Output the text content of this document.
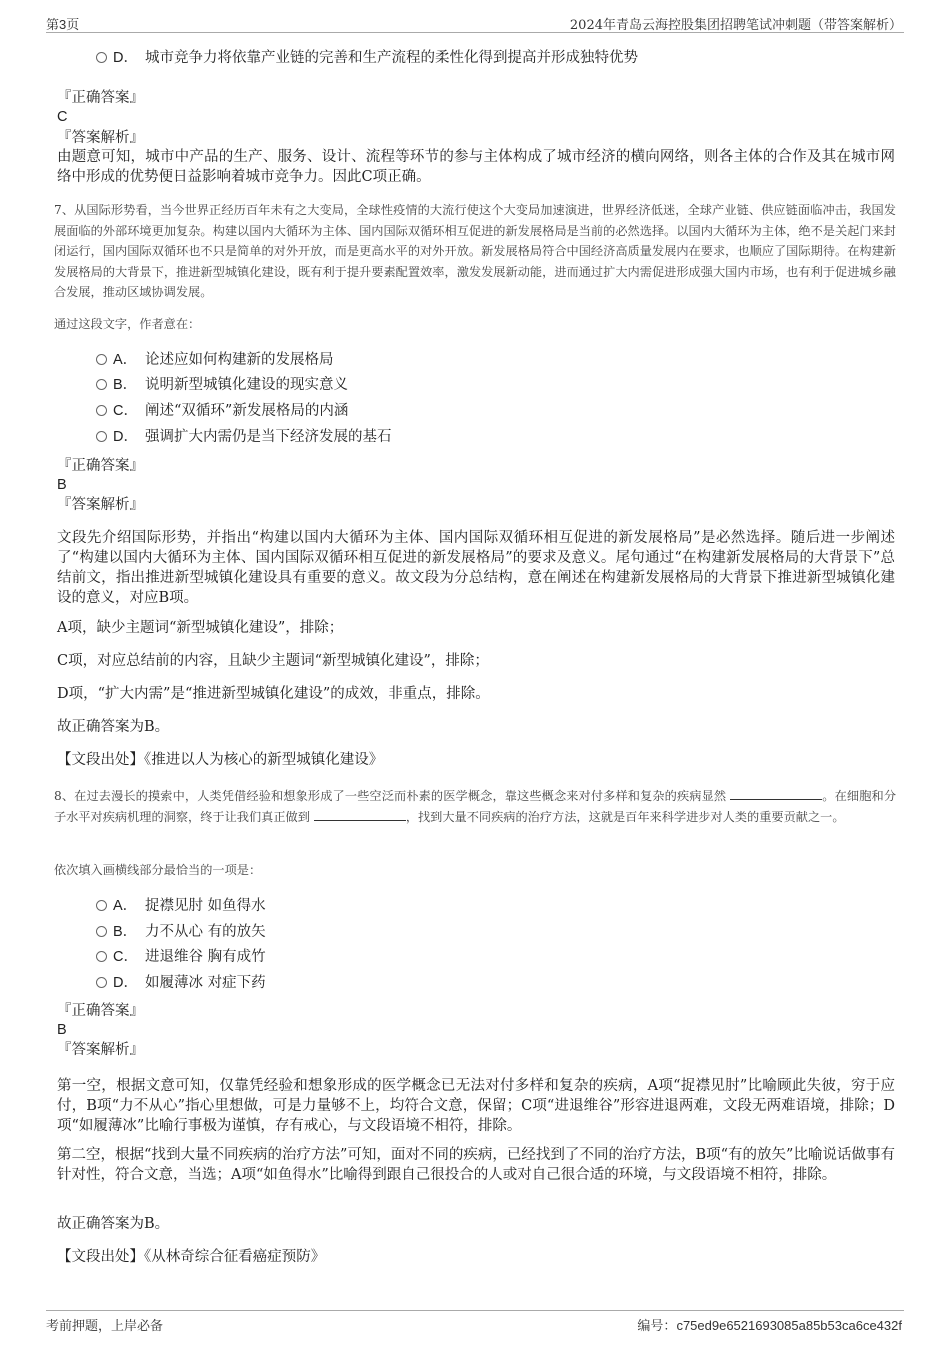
第3页	2024年青岛云海控股集团招聘笔试冲刺题（带答案解析）
D． 城市竞争力将依靠产业链的完善和生产流程的柔性化得到提高并形成独特优势
『正确答案』
C
『答案解析』
由题意可知，城市中产品的生产、服务、设计、流程等环节的参与主体构成了城市经济的横向网络，则各主体的合作及其在城市网络中形成的优势便日益影响着城市竞争力。因此C项正确。
7、从国际形势看，当今世界正经历百年未有之大变局，全球性疫情的大流行使这个大变局加速演进，世界经济低迷，全球产业链、供应链面临冲击，我国发展面临的外部环境更加复杂。构建以国内大循环为主体、国内国际双循环相互促进的新发展格局是当前的必然选择。以国内大循环为主体，绝不是关起门来封闭运行，国内国际双循环也不只是简单的对外开放，而是更高水平的对外开放。新发展格局符合中国经济高质量发展内在要求，也顺应了国际期待。在构建新发展格局的大背景下，推进新型城镇化建设，既有利于提升要素配置效率，激发发展新动能，进而通过扩大内需促进形成强大国内市场，也有利于促进城乡融合发展，推动区域协调发展。
通过这段文字，作者意在：
A． 论述应如何构建新的发展格局
B． 说明新型城镇化建设的现实意义
C． 阐述“双循环”新发展格局的内涵
D． 强调扩大内需仍是当下经济发展的基石
『正确答案』
B
『答案解析』
文段先介绍国际形势，并指出“构建以国内大循环为主体、国内国际双循环相互促进的新发展格局”是必然选择。随后进一步阐述了“构建以国内大循环为主体、国内国际双循环相互促进的新发展格局”的要求及意义。尾句通过“在构建新发展格局的大背景下”总结前文，指出推进新型城镇化建设具有重要的意义。故文段为分总结构，意在阐述在构建新发展格局的大背景下推进新型城镇化建设的意义，对应B项。
A项，缺少主题词“新型城镇化建设”，排除；
C项，对应总结前的内容，且缺少主题词“新型城镇化建设”，排除；
D项，“扩大内需”是“推进新型城镇化建设”的成效，非重点，排除。
故正确答案为B。
【文段出处】《推进以人为核心的新型城镇化建设》
8、在过去漫长的摸索中，人类凭借经验和想象形成了一些空泛而朴素的医学概念，靠这些概念来对付多样和复杂的疾病显然	。在细胞和分子水平对疾病机理的洞察，终于让我们真正做到	，找到大量不同疾病的治疗方法，这就是百年来科学进步对人类的重要贡献之一。
依次填入画横线部分最恰当的一项是：
A． 捉襟见肘 如鱼得水
B． 力不从心 有的放矢
C． 进退维谷 胸有成竹
D． 如履薄冰 对症下药
『正确答案』
B
『答案解析』
第一空，根据文意可知，仅靠凭经验和想象形成的医学概念已无法对付多样和复杂的疾病，A项“捉襟见肘”比喻顾此失彼，穷于应付，B项“力不从心”指心里想做，可是力量够不上，均符合文意，保留；C项“进退维谷”形容进退两难，文段无两难语境，排除；D项“如履薄冰”比喻行事极为谨慎，存有戒心，与文段语境不相符，排除。
第二空，根据“找到大量不同疾病的治疗方法”可知，面对不同的疾病，已经找到了不同的治疗方法，B项“有的放矢”比喻说话做事有针对性，符合文意，当选；A项“如鱼得水”比喻得到跟自己很投合的人或对自己很合适的环境，与文段语境不相符，排除。
故正确答案为B。
【文段出处】《从林奇综合征看癌症预防》
考前押题，上岸必备	编号：c75ed9e6521693085a85b53ca6ce432f
